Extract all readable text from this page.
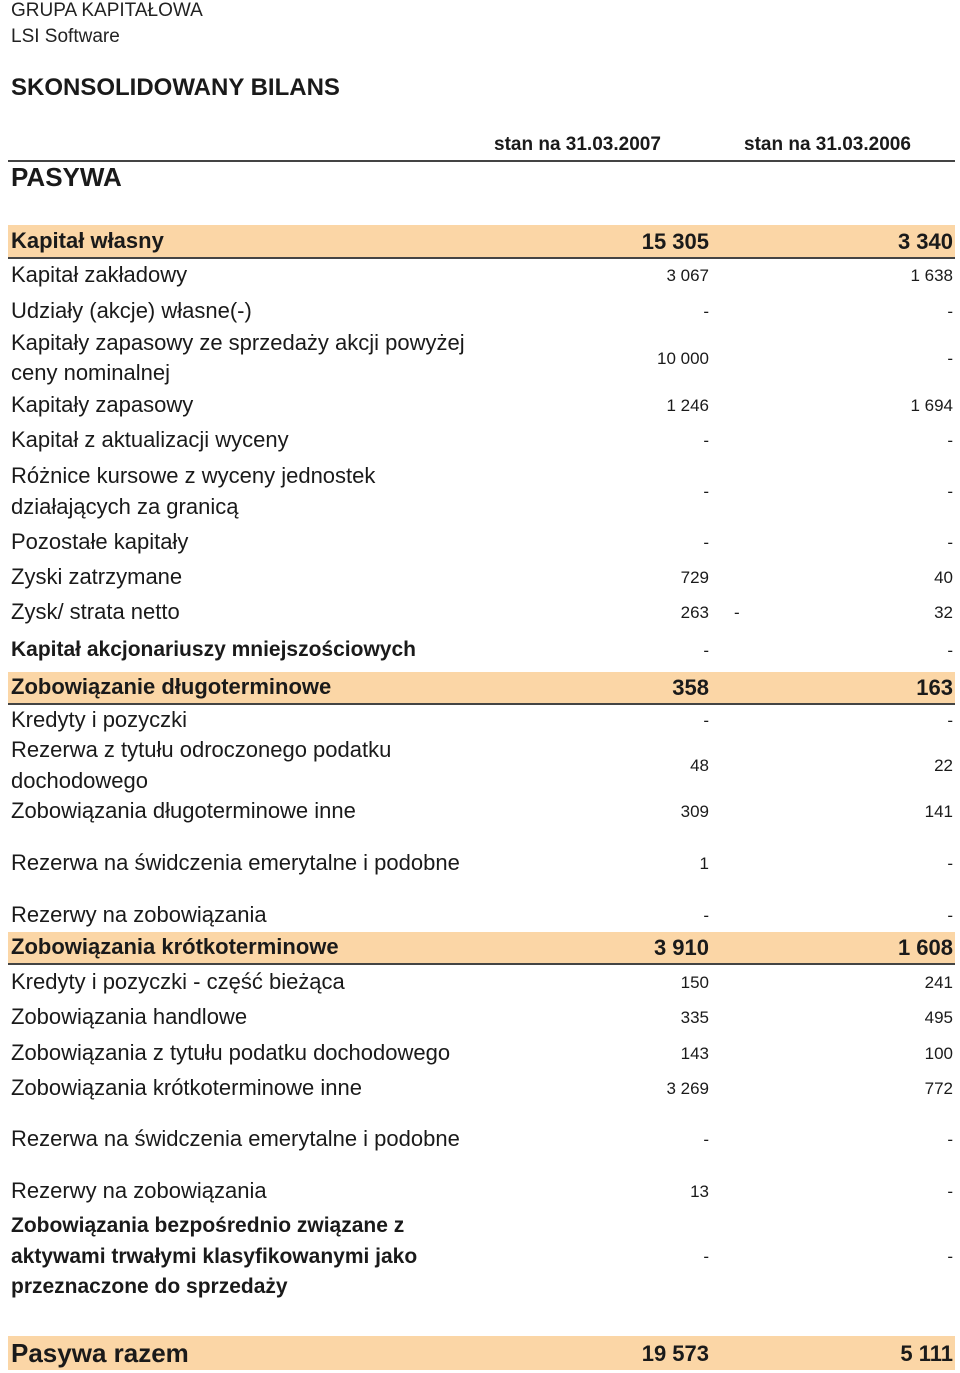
GRUPA KAPITAŁOWA
LSI Software
SKONSOLIDOWANY BILANS
stan na 31.03.2007	stan na 31.03.2006
PASYWA
Kapitał własny	15 305	3 340
Kapitał zakładowy	3 067	1 638
Udziały (akcje) własne(-)	-	-
Kapitały zapasowy ze sprzedaży akcji powyżej
ceny nominalnej
10 000	-
Kapitały zapasowy	1 246	1 694
Kapitał z aktualizacji wyceny	-	-
Różnice kursowe z wyceny jednostek
działających za granicą
-	-
Pozostałe kapitały	-	-
Zyski zatrzymane	729	40
Zysk/ strata netto	263 -	32
Kapitał akcjonariuszy mniejszościowych	-	-
Zobowiązanie długoterminowe	358	163
Kredyty i pozyczki	-	-
Rezerwa z tytułu odroczonego podatku
dochodowego
48	22
Zobowiązania długoterminowe inne	309	141
Rezerwa na świdczenia emerytalne i podobne	1	-
Rezerwy na zobowiązania	-	-
Zobowiązania krótkoterminowe	3 910	1 608
Kredyty i pozyczki - część bieżąca	150	241
Zobowiązania handlowe	335	495
Zobowiązania z tytułu podatku dochodowego	143	100
Zobowiązania krótkoterminowe inne	3 269	772
Rezerwa na świdczenia emerytalne i podobne	-	-
Rezerwy na zobowiązania	13	-
Zobowiązania bezpośrednio związane z
aktywami trwałymi klasyfikowanymi jako
przeznaczone do sprzedaży
-	-
Pasywa razem	19 573	5 111
